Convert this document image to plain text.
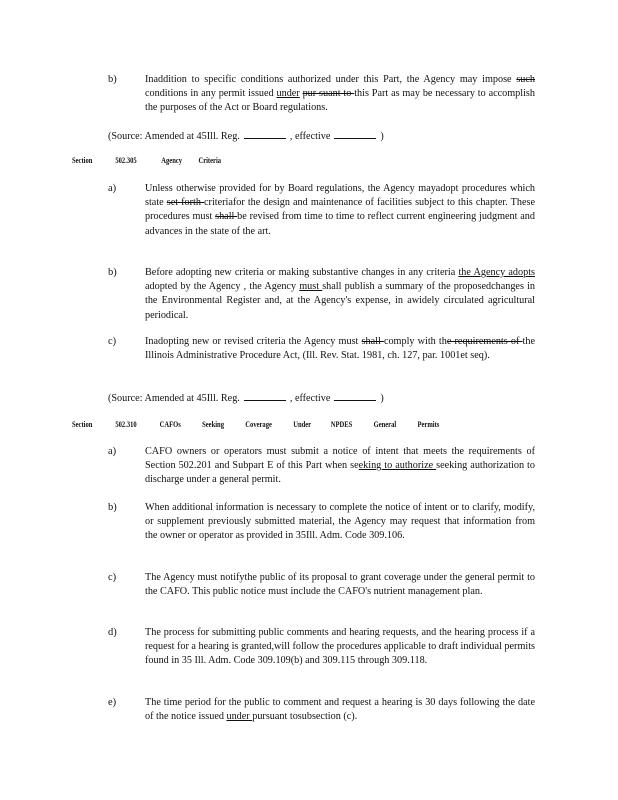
b)	Inaddition to specific conditions authorized under this Part, the Agency may impose such conditions in any permit issued under pur suant to this Part as may be necessary to accomplish the purposes of the Act or Board regulations.
(Source: Amended at 45Ill. Reg.	, effective	)
Section	502.305	Agency Criteria
a)	Unless otherwise provided for by Board regulations, the Agency mayadopt procedures which state set forth criteriafor the design and maintenance of facilities subject to this chapter. These procedures must shall be revised from time to time to reflect current engineering judgment and advances in the state of the art.
b)	Before adopting new criteria or making substantive changes in any criteria the Agency adopts adopted by the Agency , the Agency must shall publish a summary of the proposedchanges in the Environmental Register and, at the Agency's expense, in awidely circulated agricultural periodical.
c)	Inadopting new or revised criteria the Agency must shall comply with the requirements of the Illinois Administrative Procedure Act, (Ill. Rev. Stat. 1981, ch. 127, par. 1001et seq).
(Source: Amended at 45Ill. Reg.	, effective	)
Section	502.310	CAFOs	Seeking	Coverage	Under NPDES	General	Permits
a)	CAFO owners or operators must submit a notice of intent that meets the requirements of Section 502.201 and Subpart E of this Part when seeking to authorize seeking authorization to discharge under a general permit.
b)	When additional information is necessary to complete the notice of intent or to clarify, modify, or supplement previously submitted material, the Agency may request that information from the owner or operator as provided in 35Ill. Adm. Code 309.106.
c)	The Agency must notifythe public of its proposal to grant coverage under the general permit to the CAFO. This public notice must include the CAFO's nutrient management plan.
d)	The process for submitting public comments and hearing requests, and the hearing process if a request for a hearing is granted,will follow the procedures applicable to draft individual permits found in 35 Ill. Adm. Code 309.109(b) and 309.115 through 309.118.
e)	The time period for the public to comment and request a hearing is 30 days following the date of the notice issued under pursuant tosubsection (c).
